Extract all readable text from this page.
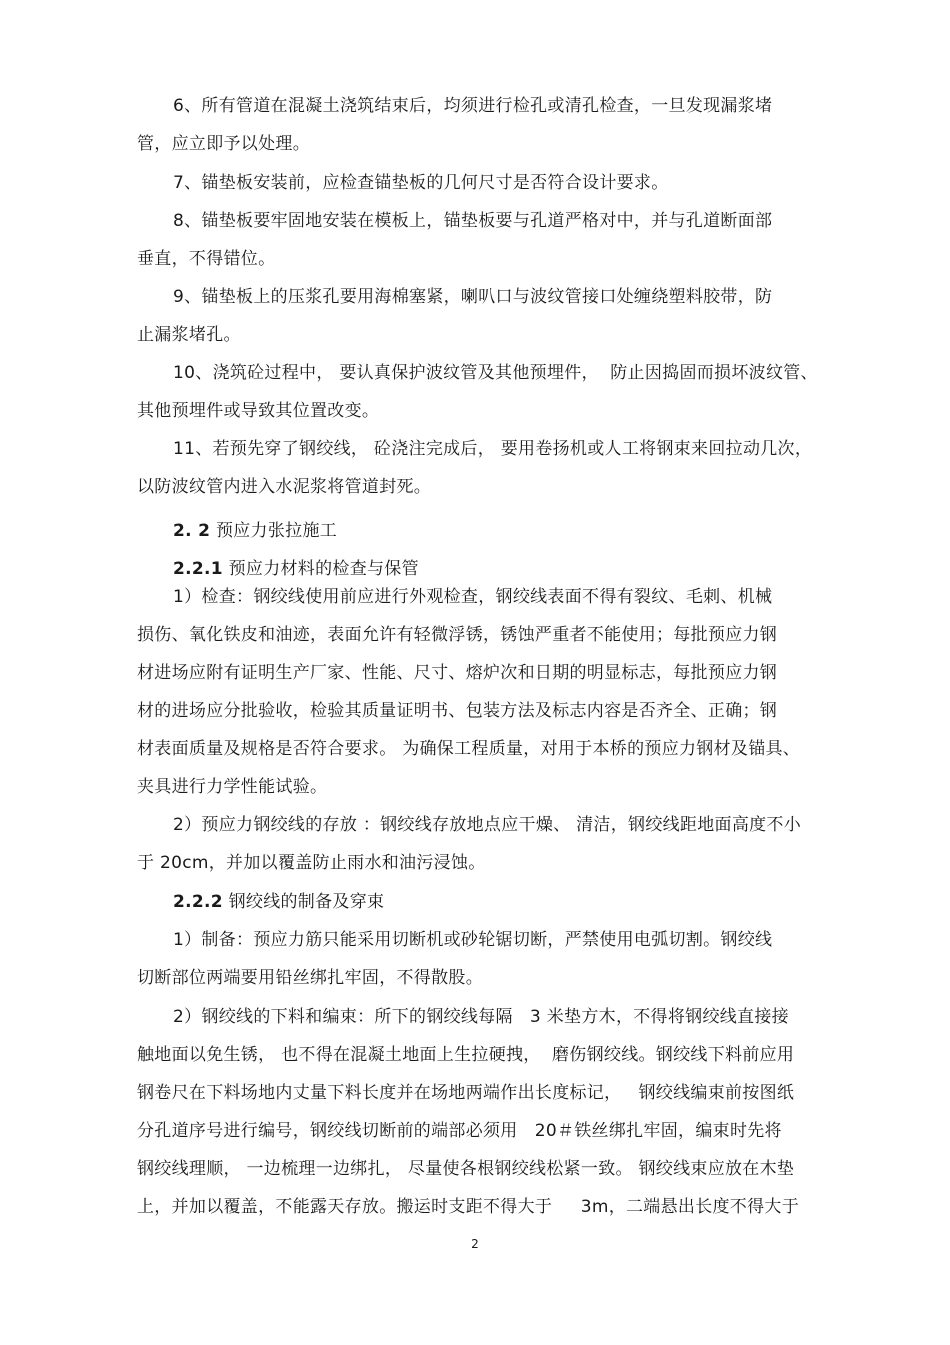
6、所有管道在混凝土浇筑结束后，均须进行检孔或清孔检查，一旦发现漏浆堵
管，应立即予以处理。
7、锚垫板安装前，应检查锚垫板的几何尺寸是否符合设计要求。
8、锚垫板要牢固地安装在模板上，锚垫板要与孔道严格对中，并与孔道断面部
垂直，不得错位。
9、锚垫板上的压浆孔要用海棉塞紧，喇叭口与波纹管接口处缠绕塑料胶带，防
止漏浆堵孔。
10、浇筑砼过程中， 要认真保护波纹管及其他预埋件，  防止因捣固而损坏波纹管、
其他预埋件或导致其位置改变。
11、若预先穿了钢绞线， 砼浇注完成后， 要用卷扬机或人工将钢束来回拉动几次，
以防波纹管内进入水泥浆将管道封死。
2. 2 预应力张拉施工
2.2.1 预应力材料的检查与保管
1）检查：钢绞线使用前应进行外观检查，钢绞线表面不得有裂纹、毛刺、机械
损伤、氧化铁皮和油迹，表面允许有轻微浮锈，锈蚀严重者不能使用；每批预应力钢
材进场应附有证明生产厂家、性能、尺寸、熔炉次和日期的明显标志，每批预应力钢
材的进场应分批验收，检验其质量证明书、包装方法及标志内容是否齐全、正确；钢
材表面质量及规格是否符合要求。 为确保工程质量，对用于本桥的预应力钢材及锚具、
夹具进行力学性能试验。
2）预应力钢绞线的存放 ：钢绞线存放地点应干燥、 清洁，钢绞线距地面高度不小
于 20cm，并加以覆盖防止雨水和油污浸蚀。
2.2.2 钢绞线的制备及穿束
1）制备：预应力筋只能采用切断机或砂轮锯切断，严禁使用电弧切割。钢绞线
切断部位两端要用铅丝绑扎牢固，不得散股。
2）钢绞线的下料和编束：所下的钢绞线每隔   3 米垫方木，不得将钢绞线直接接
触地面以免生锈， 也不得在混凝土地面上生拉硬拽，  磨伤钢绞线。钢绞线下料前应用
钢卷尺在下料场地内丈量下料长度并在场地两端作出长度标记，   钢绞线编束前按图纸
分孔道序号进行编号，钢绞线切断前的端部必须用   20＃铁丝绑扎牢固，编束时先将
钢绞线理顺， 一边梳理一边绑扎， 尽量使各根钢绞线松紧一致。 钢绞线束应放在木垫
上，并加以覆盖，不能露天存放。搬运时支距不得大于     3m，二端悬出长度不得大于
2
